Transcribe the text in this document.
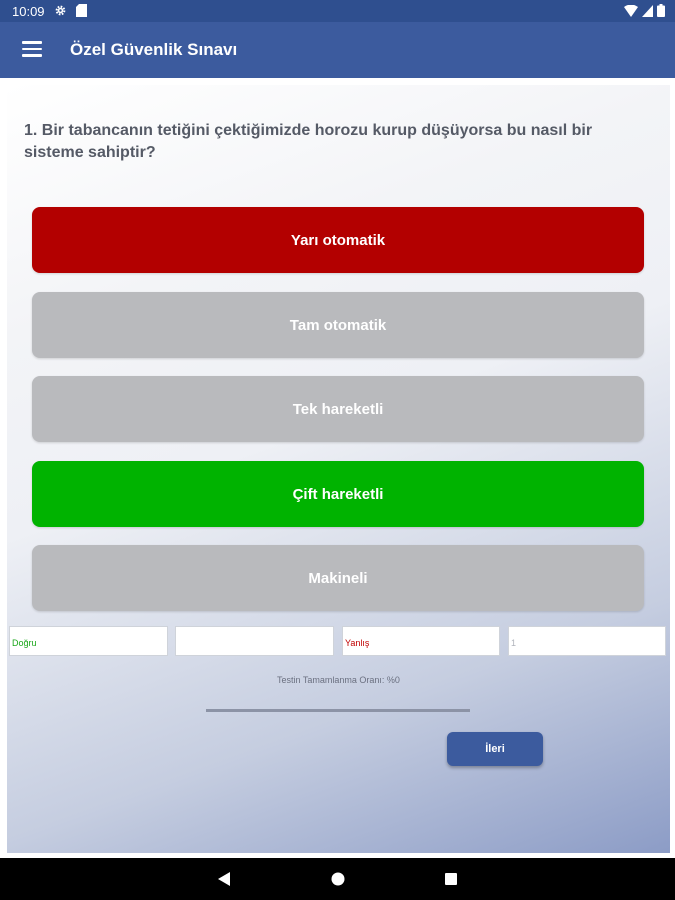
10:09
Özel Güvenlik Sınavı
1. Bir tabancanın tetiğini çektiğimizde horozu kurup düşüyorsa bu nasıl bir sisteme sahiptir?
Yarı otomatik
Tam otomatik
Tek hareketli
Çift hareketli
Makineli
Doğru	Yanlış	1
Testin Tamamlanma Oranı: %0
İleri
